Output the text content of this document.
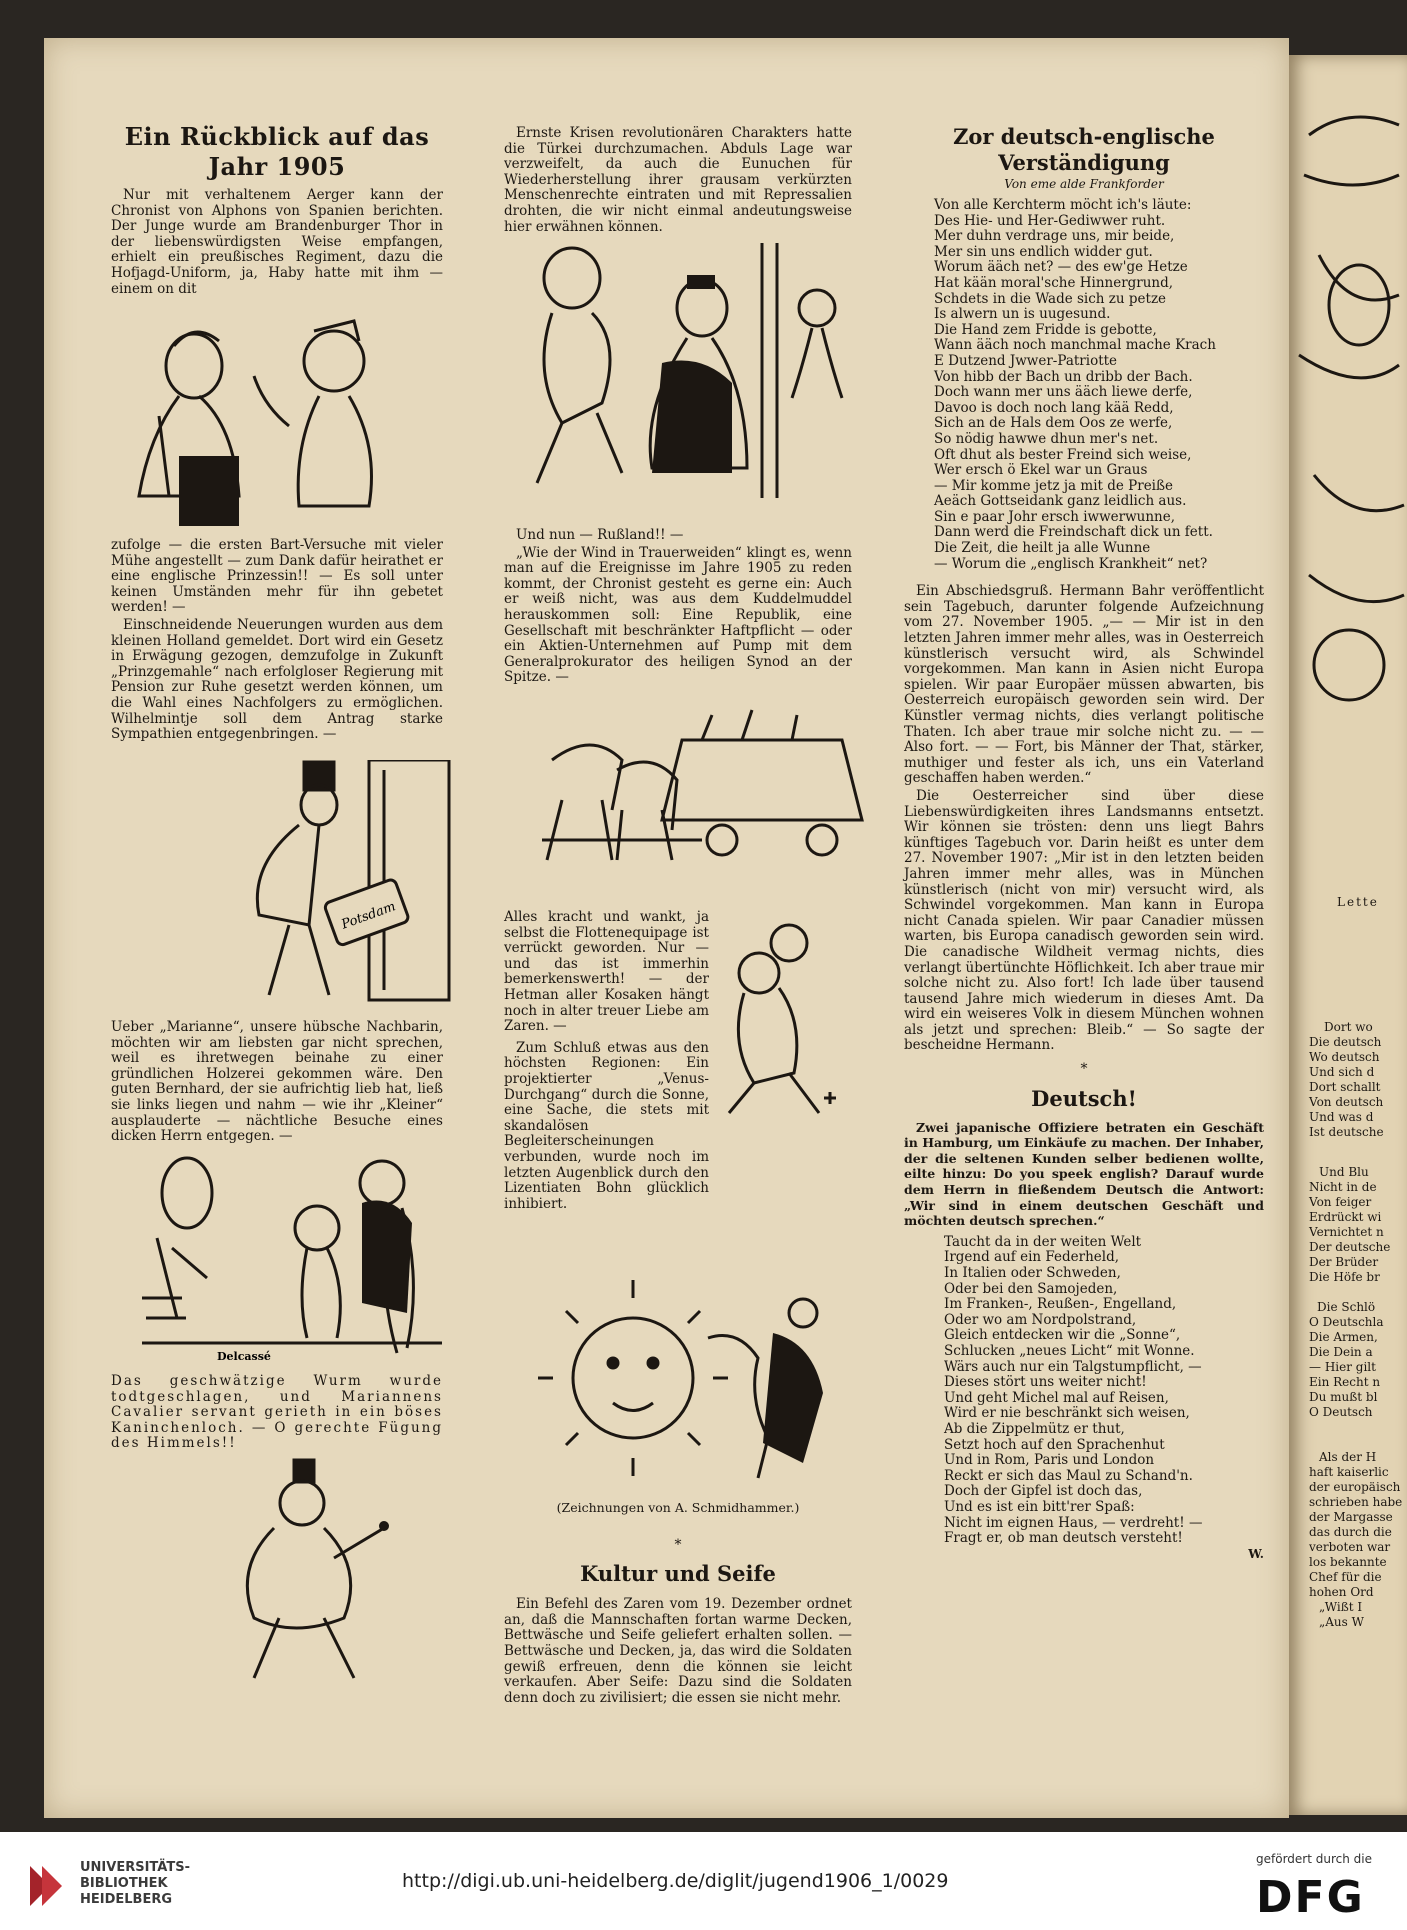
Ein Rückblick auf das Jahr 1905

Nur mit verhaltenem Aerger kann der Chronist von Alphons von Spanien berichten. Der Junge wurde am Brandenburger Thor in der liebenswürdigsten Weise empfangen, erhielt ein preußisches Regiment, dazu die Hofjagd-Uniform, ja, Haby hatte mit ihm — einem on dit

zufolge — die ersten Bart-Versuche mit vieler Mühe angestellt — zum Dank dafür heirathet er eine englische Prinzessin!! — Es soll unter keinen Umständen mehr für ihn gebetet werden! —

Einschneidende Neuerungen wurden aus dem kleinen Holland gemeldet. Dort wird ein Gesetz in Erwägung gezogen, demzufolge in Zukunft „Prinzgemahle“ nach erfolgloser Regierung mit Pension zur Ruhe gesetzt werden können, um die Wahl eines Nachfolgers zu ermöglichen. Wilhelmintje soll dem Antrag starke Sympathien entgegenbringen. —

Potsdam

Ueber „Marianne“, unsere hübsche Nachbarin, möchten wir am liebsten gar nicht sprechen, weil es ihretwegen beinahe zu einer gründlichen Holzerei gekommen wäre. Den guten Bernhard, der sie aufrichtig lieb hat, ließ sie links liegen und nahm — wie ihr „Kleiner“ ausplauderte — nächtliche Besuche eines dicken Herrn entgegen. —

Delcassé

Das geschwätzige Wurm wurde todtgeschlagen, und Mariannens Cavalier servant gerieth in ein böses Kaninchenloch. — O gerechte Fügung des Himmels!!

Ernste Krisen revolutionären Charakters hatte die Türkei durchzumachen. Abduls Lage war verzweifelt, da auch die Eunuchen für Wiederherstellung ihrer grausam verkürzten Menschenrechte eintraten und mit Repressalien drohten, die wir nicht einmal andeutungsweise hier erwähnen können.

Und nun — Rußland!! —

„Wie der Wind in Trauerweiden“ klingt es, wenn man auf die Ereignisse im Jahre 1905 zu reden kommt, der Chronist gesteht es gerne ein: Auch er weiß nicht, was aus dem Kuddelmuddel herauskommen soll: Eine Republik, eine Gesellschaft mit beschränkter Haftpflicht — oder ein Aktien-Unternehmen auf Pump mit dem Generalprokurator des heiligen Synod an der Spitze. —

Alles kracht und wankt, ja selbst die Flottenequipage ist verrückt geworden. Nur — und das ist immerhin bemerkenswerth! — der Hetman aller Kosaken hängt noch in alter treuer Liebe am Zaren. —

Zum Schluß etwas aus den höchsten Regionen: Ein projektierter „Venus-Durchgang“ durch die Sonne, eine Sache, die stets mit skandalösen Begleiterscheinungen verbunden, wurde noch im letzten Augenblick durch den Lizentiaten Bohn glücklich inhibiert.

(Zeichnungen von A. Schmidhammer.)
*
Kultur und Seife

Ein Befehl des Zaren vom 19. Dezember ordnet an, daß die Mannschaften fortan warme Decken, Bettwäsche und Seife geliefert erhalten sollen. — Bettwäsche und Decken, ja, das wird die Soldaten gewiß erfreuen, denn die können sie leicht verkaufen. Aber Seife: Dazu sind die Soldaten denn doch zu zivilisiert; die essen sie nicht mehr.

Zor deutsch-englische Verständigung
Von eme alde Frankforder
Von alle Kerchterm möcht ich's läute:
Des Hie- und Her-Gediwwer ruht.
Mer duhn verdrage uns, mir beide,
Mer sin uns endlich widder gut.
Worum ääch net? — des ew'ge Hetze
Hat kään moral'sche Hinnergrund,
Schdets in die Wade sich zu petze
Is alwern un is uugesund.
Die Hand zem Fridde is gebotte,
Wann ääch noch manchmal mache Krach
E Dutzend Jwwer-Patriotte
Von hibb der Bach un dribb der Bach.
Doch wann mer uns ääch liewe derfe,
Davoo is doch noch lang kää Redd,
Sich an de Hals dem Oos ze werfe,
So nödig hawwe dhun mer's net.
Oft dhut als bester Freind sich weise,
Wer ersch ö Ekel war un Graus
— Mir komme jetz ja mit de Preiße
Aeäch Gottseidank ganz leidlich aus.
Sin e paar Johr ersch iwwerwunne,
Dann werd die Freindschaft dick un fett.
Die Zeit, die heilt ja alle Wunne
— Worum die „englisch Krankheit“ net?

Ein Abschiedsgruß. Hermann Bahr veröffentlicht sein Tagebuch, darunter folgende Aufzeichnung vom 27. November 1905. „— — Mir ist in den letzten Jahren immer mehr alles, was in Oesterreich künstlerisch versucht wird, als Schwindel vorgekommen. Man kann in Asien nicht Europa spielen. Wir paar Europäer müssen abwarten, bis Oesterreich europäisch geworden sein wird. Der Künstler vermag nichts, dies verlangt politische Thaten. Ich aber traue mir solche nicht zu. — — Also fort. — — Fort, bis Männer der That, stärker, muthiger und fester als ich, uns ein Vaterland geschaffen haben werden.“

Die Oesterreicher sind über diese Liebenswürdigkeiten ihres Landsmanns entsetzt. Wir können sie trösten: denn uns liegt Bahrs künftiges Tagebuch vor. Darin heißt es unter dem 27. November 1907: „Mir ist in den letzten beiden Jahren immer mehr alles, was in München künstlerisch (nicht von mir) versucht wird, als Schwindel vorgekommen. Man kann in Europa nicht Canada spielen. Wir paar Canadier müssen warten, bis Europa canadisch geworden sein wird. Die canadische Wildheit vermag nichts, dies verlangt übertünchte Höflichkeit. Ich aber traue mir solche nicht zu. Also fort! Ich lade über tausend tausend Jahre mich wiederum in dieses Amt. Da wird ein weiseres Volk in diesem München wohnen als jetzt und sprechen: Bleib.“ — So sagte der bescheidne Hermann.

*
Deutsch!

Zwei japanische Offiziere betraten ein Geschäft in Hamburg, um Einkäufe zu machen. Der Inhaber, der die seltenen Kunden selber bedienen wollte, eilte hinzu: Do you speek english? Darauf wurde dem Herrn in fließendem Deutsch die Antwort: „Wir sind in einem deutschen Geschäft und möchten deutsch sprechen.“

Taucht da in der weiten Welt
Irgend auf ein Federheld,
In Italien oder Schweden,
Oder bei den Samojeden,
Im Franken-, Reußen-, Engelland,
Oder wo am Nordpolstrand,
Gleich entdecken wir die „Sonne“,
Schlucken „neues Licht“ mit Wonne.
Wärs auch nur ein Talgstumpflicht, —
Dieses stört uns weiter nicht!
Und geht Michel mal auf Reisen,
Wird er nie beschränkt sich weisen,
Ab die Zippelmütz er thut,
Setzt hoch auf den Sprachenhut
Und in Rom, Paris und London
Reckt er sich das Maul zu Schand'n.
Doch der Gipfel ist doch das,
Und es ist ein bitt'rer Spaß:
Nicht im eignen Haus, — verdreht! —
Fragt er, ob man deutsch versteht!
W.
Lette
Dort wo
Die deutsch
Wo deutsch
Und sich d
Dort schallt
Von deutsch
Und was d
Ist deutsche
Und Blu
Nicht in de
Von feiger
Erdrückt wi
Vernichtet n
Der deutsche
Der Brüder
Die Höfe br
Die Schlö
O Deutschla
Die Armen,
Die Dein a
— Hier gilt
Ein Recht n
Du mußt bl
O Deutsch
Als der H
haft kaiserlic
der europäisch
schrieben habe
der Margasse
das durch die
verboten war
los bekannte
Chef für die
hohen Ord
„Wißt I
„Aus W
UNIVERSITÄTS-
BIBLIOTHEK
HEIDELBERG
http://digi.ub.uni-heidelberg.de/diglit/jugend1906_1/0029
gefördert durch die
DFG
